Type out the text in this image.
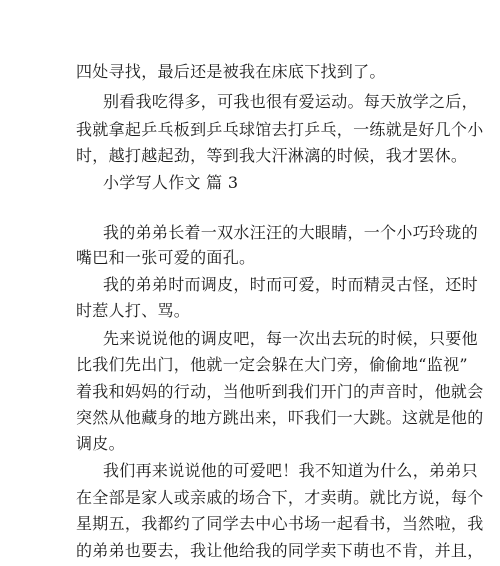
四处寻找，最后还是被我在床底下找到了。
别看我吃得多，可我也很有爱运动。每天放学之后，
我就拿起乒乓板到乒乓球馆去打乒乓，一练就是好几个小
时，越打越起劲，等到我大汗淋漓的时候，我才罢休。
小学写人作文 篇 3
我的弟弟长着一双水汪汪的大眼睛，一个小巧玲珑的
嘴巴和一张可爱的面孔。
我的弟弟时而调皮，时而可爱，时而精灵古怪，还时
时惹人打、骂。
先来说说他的调皮吧，每一次出去玩的时候，只要他
比我们先出门，他就一定会躲在大门旁，偷偷地“监视”
着我和妈妈的行动，当他听到我们开门的声音时，他就会
突然从他藏身的地方跳出来，吓我们一大跳。这就是他的
调皮。
我们再来说说他的可爱吧！我不知道为什么，弟弟只
在全部是家人或亲戚的场合下，才卖萌。就比方说，每个
星期五，我都约了同学去中心书场一起看书，当然啦，我
的弟弟也要去，我让他给我的同学卖下萌也不肯，并且，
